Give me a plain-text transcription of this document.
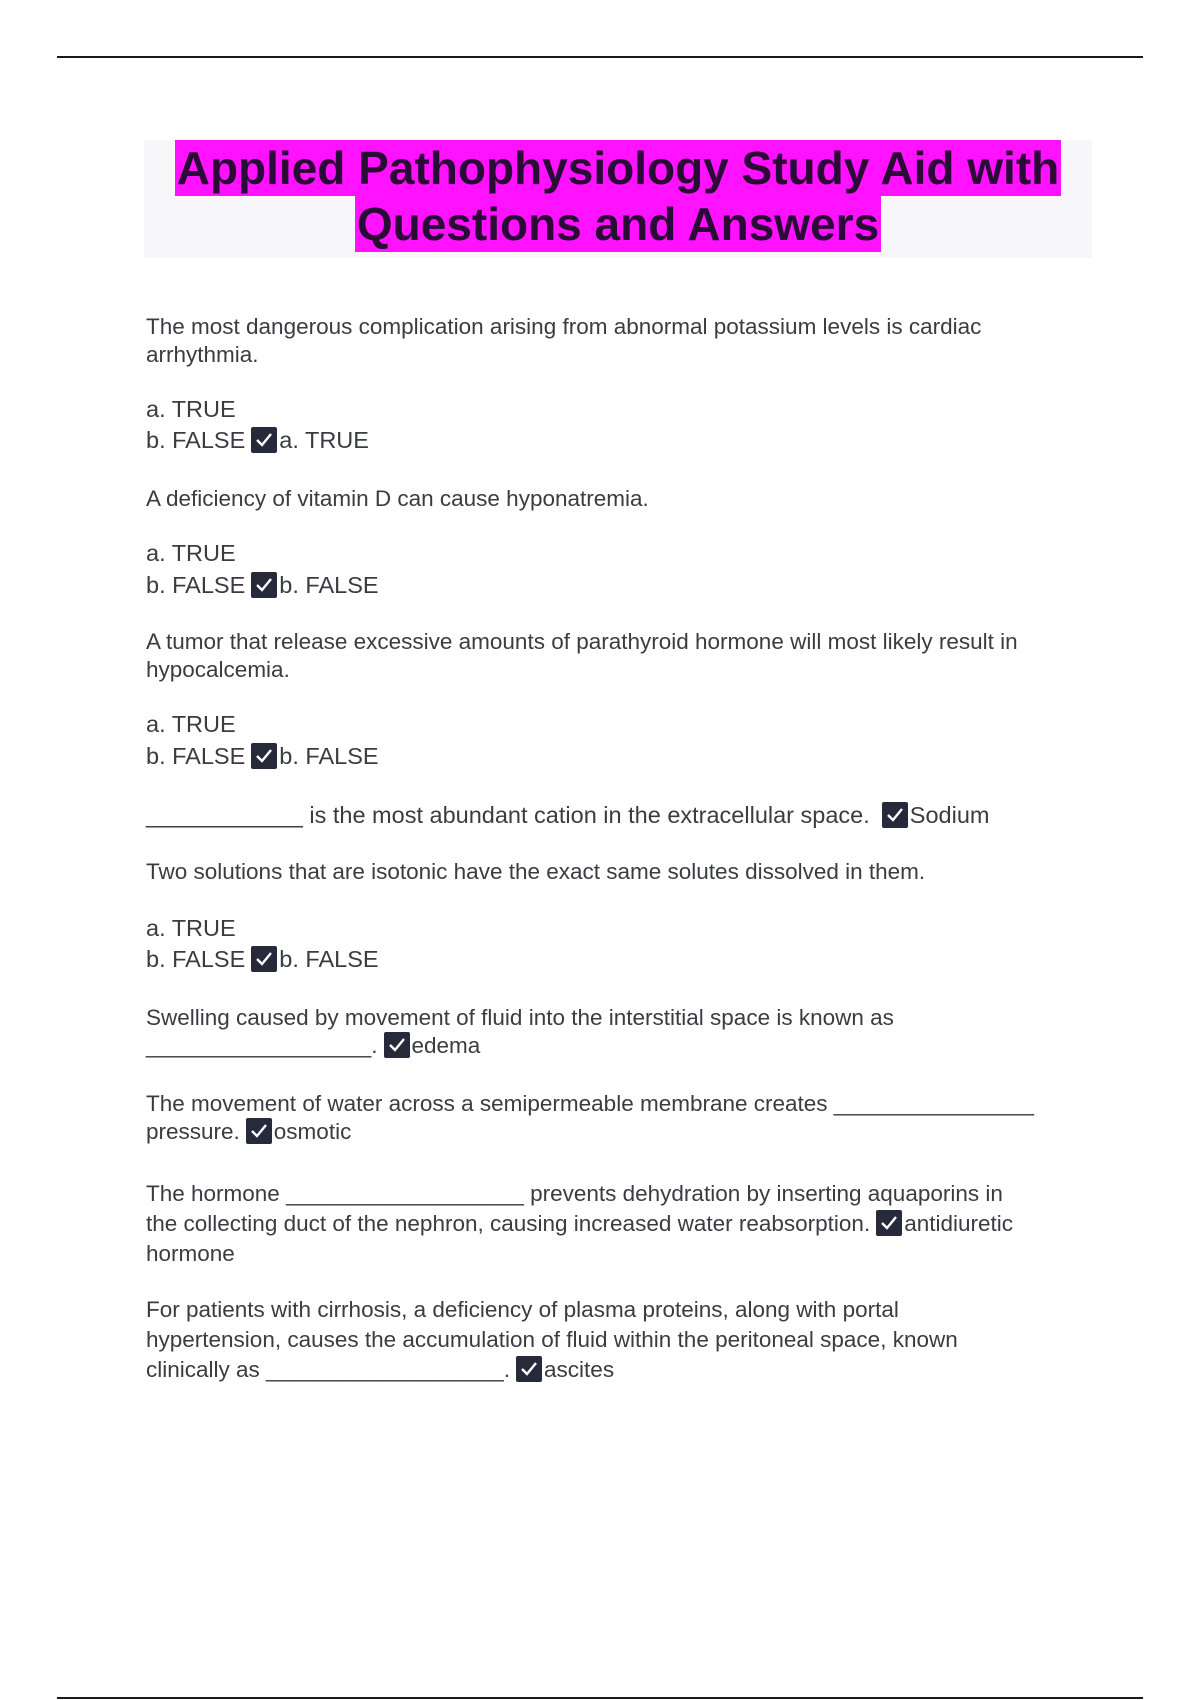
Applied Pathophysiology Study Aid with
Questions and Answers
The most dangerous complication arising from abnormal potassium levels is cardiac arrhythmia.
a. TRUE
b. FALSE a. TRUE
A deficiency of vitamin D can cause hyponatremia.
a. TRUE
b. FALSE b. FALSE
A tumor that release excessive amounts of parathyroid hormone will most likely result in hypocalcemia.
a. TRUE
b. FALSE b. FALSE
____________ is the most abundant cation in the extracellular space. Sodium
Two solutions that are isotonic have the exact same solutes dissolved in them.
a. TRUE
b. FALSE b. FALSE
Swelling caused by movement of fluid into the interstitial space is known as
__________________. edema
The movement of water across a semipermeable membrane creates ________________
pressure. osmotic
The hormone ___________________ prevents dehydration by inserting aquaporins in
the collecting duct of the nephron, causing increased water reabsorption. antidiuretic
hormone
For patients with cirrhosis, a deficiency of plasma proteins, along with portal
hypertension, causes the accumulation of fluid within the peritoneal space, known
clinically as ___________________. ascites
